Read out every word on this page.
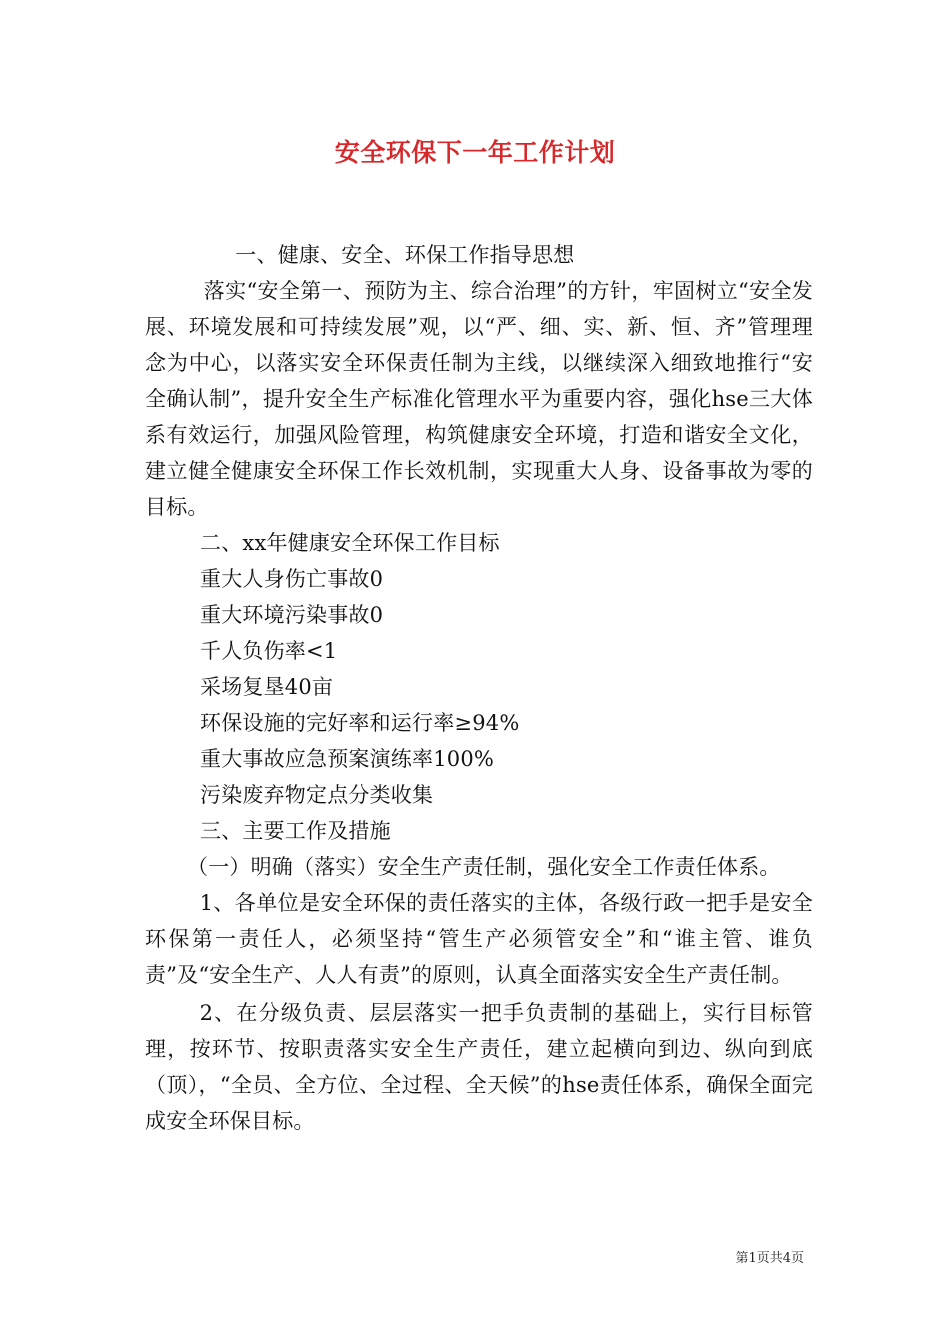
安全环保下一年工作计划

一、健康、安全、环保工作指导思想

落实“安全第一、预防为主、综合治理”的方针，牢固树立“安全发展、环境发展和可持续发展”观，以“严、细、实、新、恒、齐”管理理念为中心，以落实安全环保责任制为主线，以继续深入细致地推行“安全确认制”，提升安全生产标准化管理水平为重要内容，强化hse三大体系有效运行，加强风险管理，构筑健康安全环境，打造和谐安全文化，建立健全健康安全环保工作长效机制，实现重大人身、设备事故为零的目标。

二、xx年健康安全环保工作目标

重大人身伤亡事故0

重大环境污染事故0

千人负伤率<1

采场复垦40亩

环保设施的完好率和运行率≥94%

重大事故应急预案演练率100%

污染废弃物定点分类收集

三、主要工作及措施

（一）明确（落实）安全生产责任制，强化安全工作责任体系。

1、各单位是安全环保的责任落实的主体，各级行政一把手是安全环保第一责任人，必须坚持“管生产必须管安全”和“谁主管、谁负责”及“安全生产、人人有责”的原则，认真全面落实安全生产责任制。

2、在分级负责、层层落实一把手负责制的基础上，实行目标管理，按环节、按职责落实安全生产责任，建立起横向到边、纵向到底（顶），“全员、全方位、全过程、全天候”的hse责任体系，确保全面完成安全环保目标。

第1页共4页
